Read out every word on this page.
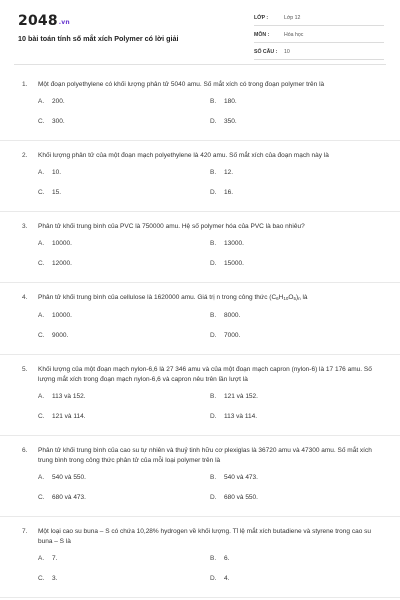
2048.vn
10 bài toán tính số mắt xích Polymer có lời giải
LỚP :	Lớp 12
MÔN :	Hóa học
SỐ CÂU : 10
1.	Một đoạn polyethylene có khối lượng phân tử 5040 amu. Số mắt xích có trong đoạn polymer trên là
A.	200.	B.	180.
C.	300.	D.	350.
2.	Khối lượng phân tử của một đoạn mạch polyethylene là 420 amu. Số mắt xích của đoạn mạch này là
A.	10.	B.	12.
C.	15.	D.	16.
3.	Phân tử khối trung bình của PVC là 750000 amu. Hệ số polymer hóa của PVC là bao nhiêu?
A.	10000.	B.	13000.
C.	12000.	D.	15000.
4.	Phân tử khối trung bình của cellulose là 1620000 amu. Giá trị n trong công thức $(C_6H_{10}O_5)_n$ là
A.	10000.	B.	8000.
C.	9000.	D.	7000.
5.	Khối lượng của một đoạn mạch nylon-6,6 là 27 346 amu và của một đoạn mạch capron (nylon-6) là 17 176 amu. Số lượng mắt xích trong đoạn mạch nylon-6,6 và capron nêu trên lần lượt là
A.	113 và 152.	B.	121 và 152.
C.	121 và 114.	D.	113 và 114.
6.	Phân tử khối trung bình của cao su tự nhiên và thuỷ tinh hữu cơ plexiglas là 36720 amu và 47300 amu. Số mắt xích trung bình trong công thức phân tử của mỗi loại polymer trên là
A.	540 và 550.	B.	540 và 473.
C.	680 và 473.	D.	680 và 550.
7.	Một loại cao su buna – S có chứa 10,28% hydrogen về khối lượng. Tỉ lệ mắt xích butadiene và styrene trong cao su buna – S là
A.	7.	B.	6.
C.	3.	D.	4.
